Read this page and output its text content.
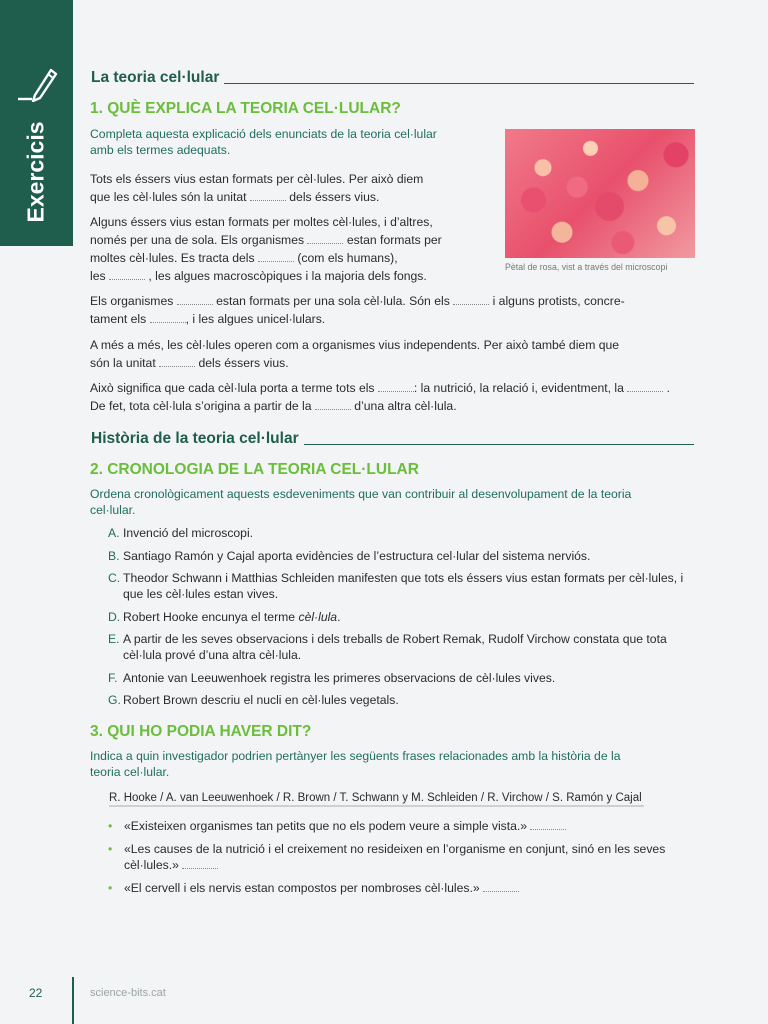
Exercicis
La teoria cel·lular
1. QUÈ EXPLICA LA TEORIA CEL·LULAR?
Completa aquesta explicació dels enunciats de la teoria cel·lular
amb els termes adequats.
Tots els éssers vius estan formats per cèl·lules. Per això diem
que les cèl·lules són la unitat	dels éssers vius.
Alguns éssers vius estan formats per moltes cèl·lules, i d’altres,
només per una de sola. Els organismes	estan formats per
moltes cèl·lules. Es tracta dels	(com els humans),
les	, les algues macroscòpiques i la majoria dels fongs.
Pètal de rosa, vist a través del microscopi
Els organismes	estan formats per una sola cèl·lula. Són els	i alguns protists, concre-
tament els	, i les algues unicel·lulars.
A més a més, les cèl·lules operen com a organismes vius independents. Per això també diem que
són la unitat	dels éssers vius.
Això significa que cada cèl·lula porta a terme tots els	: la nutrició, la relació i, evidentment, la	.
De fet, tota cèl·lula s’origina a partir de la	d’una altra cèl·lula.
Història de la teoria cel·lular
2. CRONOLOGIA DE LA TEORIA CEL·LULAR
Ordena cronològicament aquests esdeveniments que van contribuir al desenvolupament de la teoria
cel·lular.
A. Invenció del microscopi.
B. Santiago Ramón y Cajal aporta evidències de l’estructura cel·lular del sistema nerviós.
C. Theodor Schwann i Matthias Schleiden manifesten que tots els éssers vius estan formats per cèl·lules, i que les cèl·lules estan vives.
D. Robert Hooke encunya el terme cèl·lula.
E. A partir de les seves observacions i dels treballs de Robert Remak, Rudolf Virchow constata que tota cèl·lula prové d’una altra cèl·lula.
F. Antonie van Leeuwenhoek registra les primeres observacions de cèl·lules vives.
G. Robert Brown descriu el nucli en cèl·lules vegetals.
3. QUI HO PODIA HAVER DIT?
Indica a quin investigador podrien pertànyer les següents frases relacionades amb la història de la
teoria cel·lular.
R. Hooke / A. van Leeuwenhoek / R. Brown / T. Schwann y M. Schleiden / R. Virchow / S. Ramón y Cajal
• «Existeixen organismes tan petits que no els podem veure a simple vista.»
• «Les causes de la nutrició i el creixement no resideixen en l’organisme en conjunt, sinó en les seves cèl·lules.»
• «El cervell i els nervis estan compostos per nombroses cèl·lules.»
22	science-bits.cat
